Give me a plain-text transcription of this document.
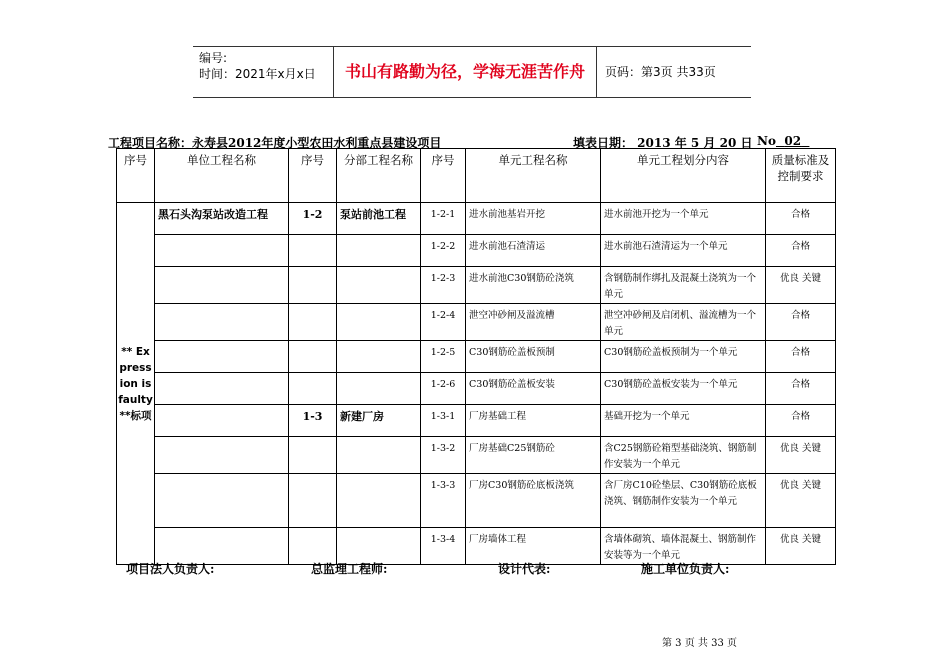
编号:
时间：2021年x月x日	书山有路勤为径，学海无涯苦作舟	页码：第3页 共33页
工程项目名称：永寿县2012年度小型农田水利重点县建设项目	填表日期： 2013 年 5 月 20 日 No 02
序号	单位工程名称	序号	分部工程名称	序号	单元工程名称	单元工程划分内容	质量标准及控制要求
** Expression is faulty **标项	黑石头沟泵站改造工程	1-2	泵站前池工程	1-2-1	进水前池基岩开挖	进水前池开挖为一个单元	合格
				1-2-2	进水前池石渣清运	进水前池石渣清运为一个单元	合格
				1-2-3	进水前池C30钢筋砼浇筑	含钢筋制作绑扎及混凝土浇筑为一个单元	优良 关键
				1-2-4	泄空冲砂闸及溢流槽	泄空冲砂闸及启闭机、溢流槽为一个单元	合格
				1-2-5	C30钢筋砼盖板预制	C30钢筋砼盖板预制为一个单元	合格
				1-2-6	C30钢筋砼盖板安装	C30钢筋砼盖板安装为一个单元	合格
		1-3	新建厂房	1-3-1	厂房基础工程	基础开挖为一个单元	合格
				1-3-2	厂房基础C25钢筋砼	含C25钢筋砼箱型基础浇筑、钢筋制作安装为一个单元	优良 关键
				1-3-3	厂房C30钢筋砼底板浇筑	含厂房C10砼垫层、C30钢筋砼底板浇筑、钢筋制作安装为一个单元	优良 关键
				1-3-4	厂房墙体工程	含墙体砌筑、墙体混凝土、钢筋制作安装等为一个单元	优良 关键
项目法人负责人:	总监理工程师:	设计代表:	施工单位负责人:
第 3 页 共 33 页
